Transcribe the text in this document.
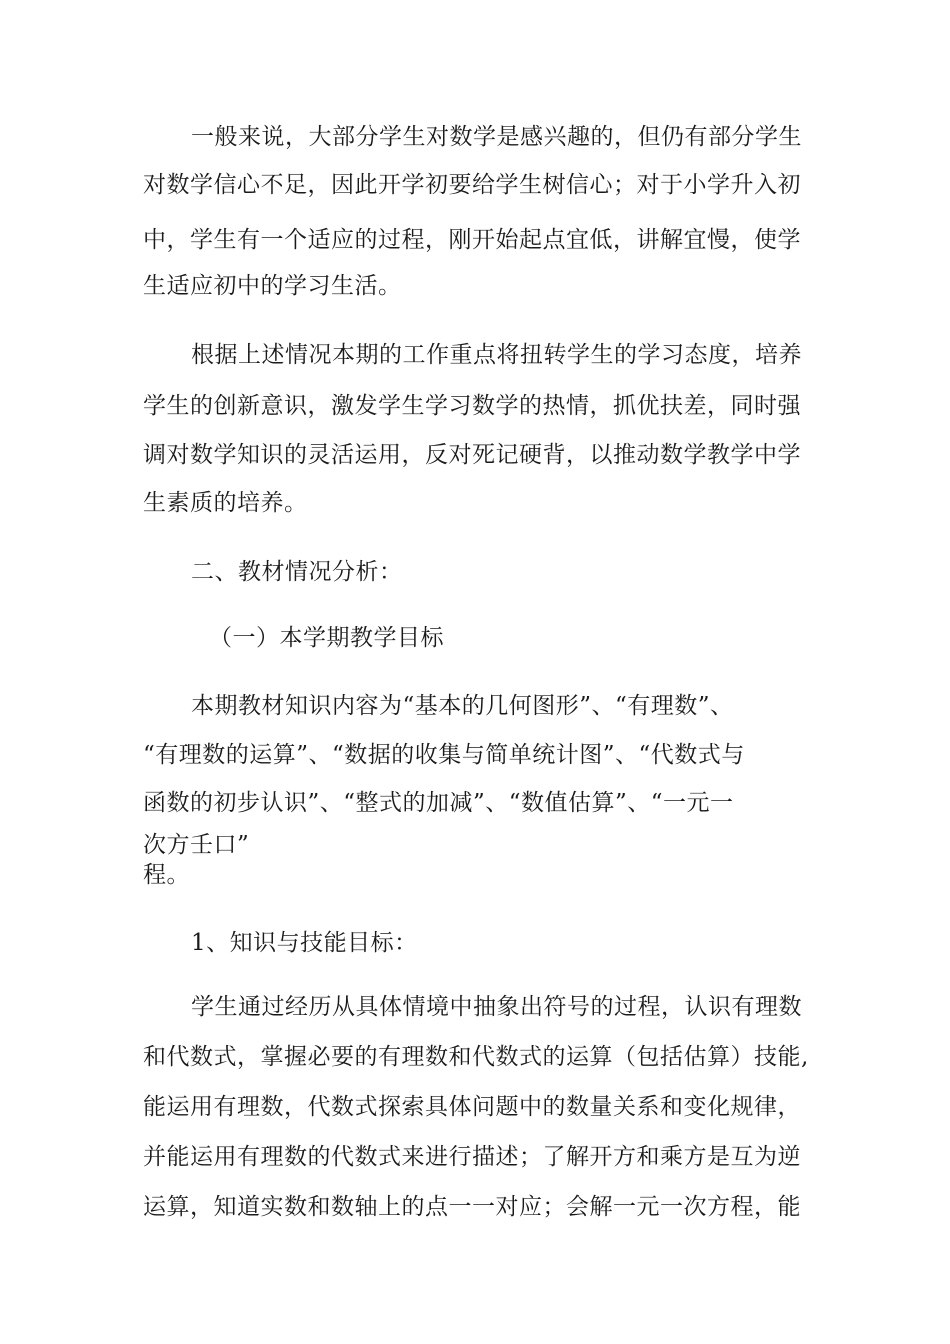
一般来说，大部分学生对数学是感兴趣的，但仍有部分学生
对数学信心不足，因此开学初要给学生树信心；对于小学升入初
中，学生有一个适应的过程，刚开始起点宜低，讲解宜慢，使学
生适应初中的学习生活。
根据上述情况本期的工作重点将扭转学生的学习态度，培养
学生的创新意识，激发学生学习数学的热情，抓优扶差，同时强
调对数学知识的灵活运用，反对死记硬背，以推动数学教学中学
生素质的培养。
二、教材情况分析：
（一）本学期教学目标
本期教材知识内容为“基本的几何图形”、“有理数”、
“有理数的运算”、“数据的收集与简单统计图”、“代数式与
函数的初步认识”、“整式的加减”、“数值估算”、“一元一
次方壬口”
程。
1、知识与技能目标：
学生通过经历从具体情境中抽象出符号的过程，认识有理数
和代数式，掌握必要的有理数和代数式的运算（包括估算）技能,
能运用有理数，代数式探索具体问题中的数量关系和变化规律，
并能运用有理数的代数式来进行描述；了解开方和乘方是互为逆
运算，知道实数和数轴上的点一一对应；会解一元一次方程，能
